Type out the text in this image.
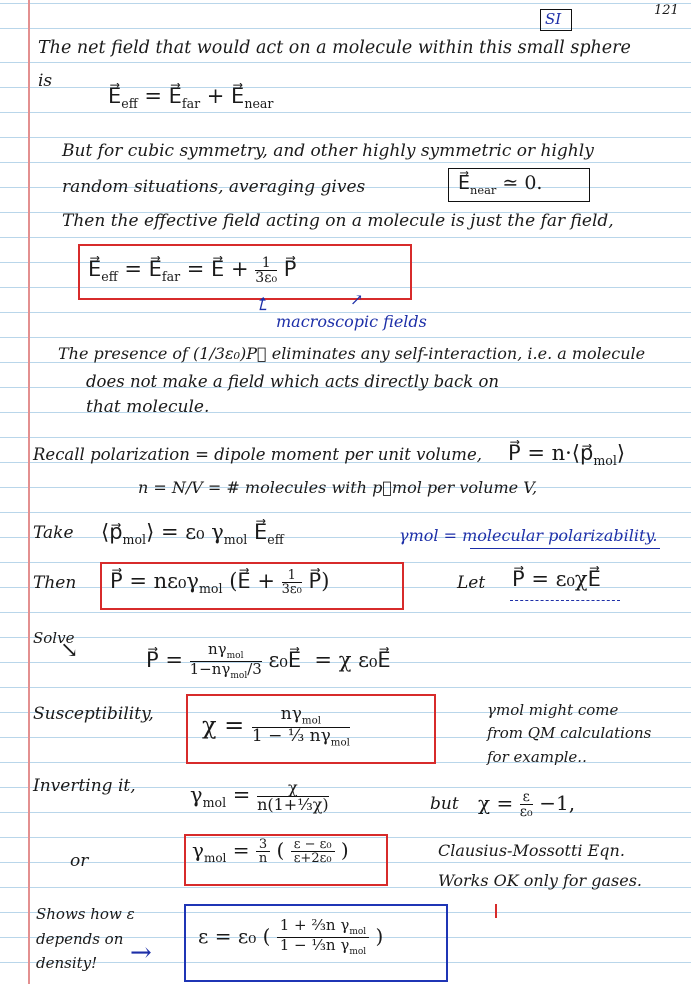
SI	121
The net field that would act on a molecule within this small sphere
is
$E⃗_{eff}$ = $E⃗_{far}$ + $E⃗_{near}$
But for cubic symmetry, and other highly symmetric or highly
random situations, averaging gives	$E⃗_{near}$ ≃ 0.
Then the effective field acting on a molecule is just the far field,
$E⃗_{eff}$ = $E⃗_{far}$ = E⃗ + $\frac{1}{\text{3ε₀}}$ P⃗
⮤	↗
macroscopic fields
The presence of (1/3ε₀)P⃗ eliminates any self-interaction, i.e. a molecule
does not make a field which acts directly back on
that molecule.
Recall polarization = dipole moment per unit volume, P⃗ = $n\cdot⟨p⃗_{mol}⟩$
n = N/V = # molecules with p⃗mol per volume V,
Take $⟨p⃗_{mol}⟩ = \varepsilon_0$ $\gamma_{mol}$ $E⃗_{eff}$	γmol = molecular polarizability.
Then P⃗ = $n\varepsilon_0\gamma_{mol}$ (E⃗ + $\frac{1}{\text{3ε₀}}$ P⃗)	Let P⃗ = ε₀χE⃗
Solve
↘	P⃗ = $\frac{n\gamma_{mol}}{1-n\gamma_{mol}/3}$ ε₀E⃗  = χ ε₀E⃗
Susceptibility, $\chi = \frac{n\gamma_{mol}}{1 - \frac{1}{3} n\gamma_{mol}}$	γmol might come
from QM calculations
for example..
Inverting it,	$\gamma_{mol} = \frac{\chi}{\text{n(1+⅓χ)}}$	but $\chi = \frac{\varepsilon}{\text{ε₀}} -1$,
or	$\gamma_{mol} = \frac{3}{n}$ ( $\frac{\text{ε − ε₀}}{\text{ε+2ε₀}}$ )	Clausius-Mossotti Eqn.
Works OK only for gases.
Shows how ε
depends on
density! →
ε = ε₀ ( $\frac{1 + \frac{2}{3}n \gamma_{mol}}{1 - \frac{1}{3}n \gamma_{mol}}$ )
